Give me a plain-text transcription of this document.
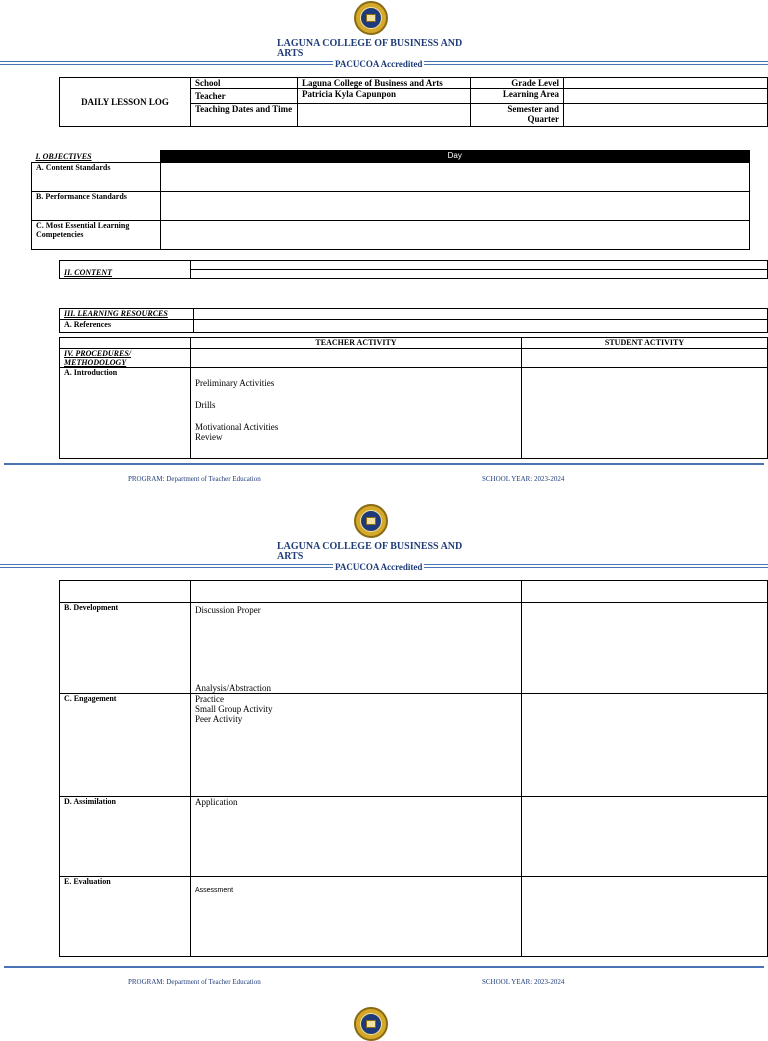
LAGUNA COLLEGE OF BUSINESS AND ARTS
PACUCOA Accredited
DAILY LESSON LOG	School	Laguna College of Business and Arts	Grade Level	
	Teacher	Patricia Kyla Capunpon	Learning Area	
	Teaching Dates and Time		Semester and Quarter	
I. OBJECTIVES	Day
A. Content Standards	
B. Performance Standards	
C. Most Essential Learning Competencies	
II. CONTENT	

III. LEARNING RESOURCES	
A. References	
	TEACHER ACTIVITY	STUDENT ACTIVITY
IV. PROCEDURES/ METHODOLOGY		
A. Introduction	Preliminary Activities
Drills
Motivational Activities
Review	

PROGRAM: Department of Teacher Education	SCHOOL YEAR: 2023-2024
LAGUNA COLLEGE OF BUSINESS AND ARTS
PACUCOA Accredited

B. Development	Discussion Proper
Analysis/Abstraction	

C. Engagement	Practice
Small Group Activity
Peer Activity	

D. Assimilation	Application	

E. Evaluation	Assessment	

PROGRAM: Department of Teacher Education	SCHOOL YEAR: 2023-2024
